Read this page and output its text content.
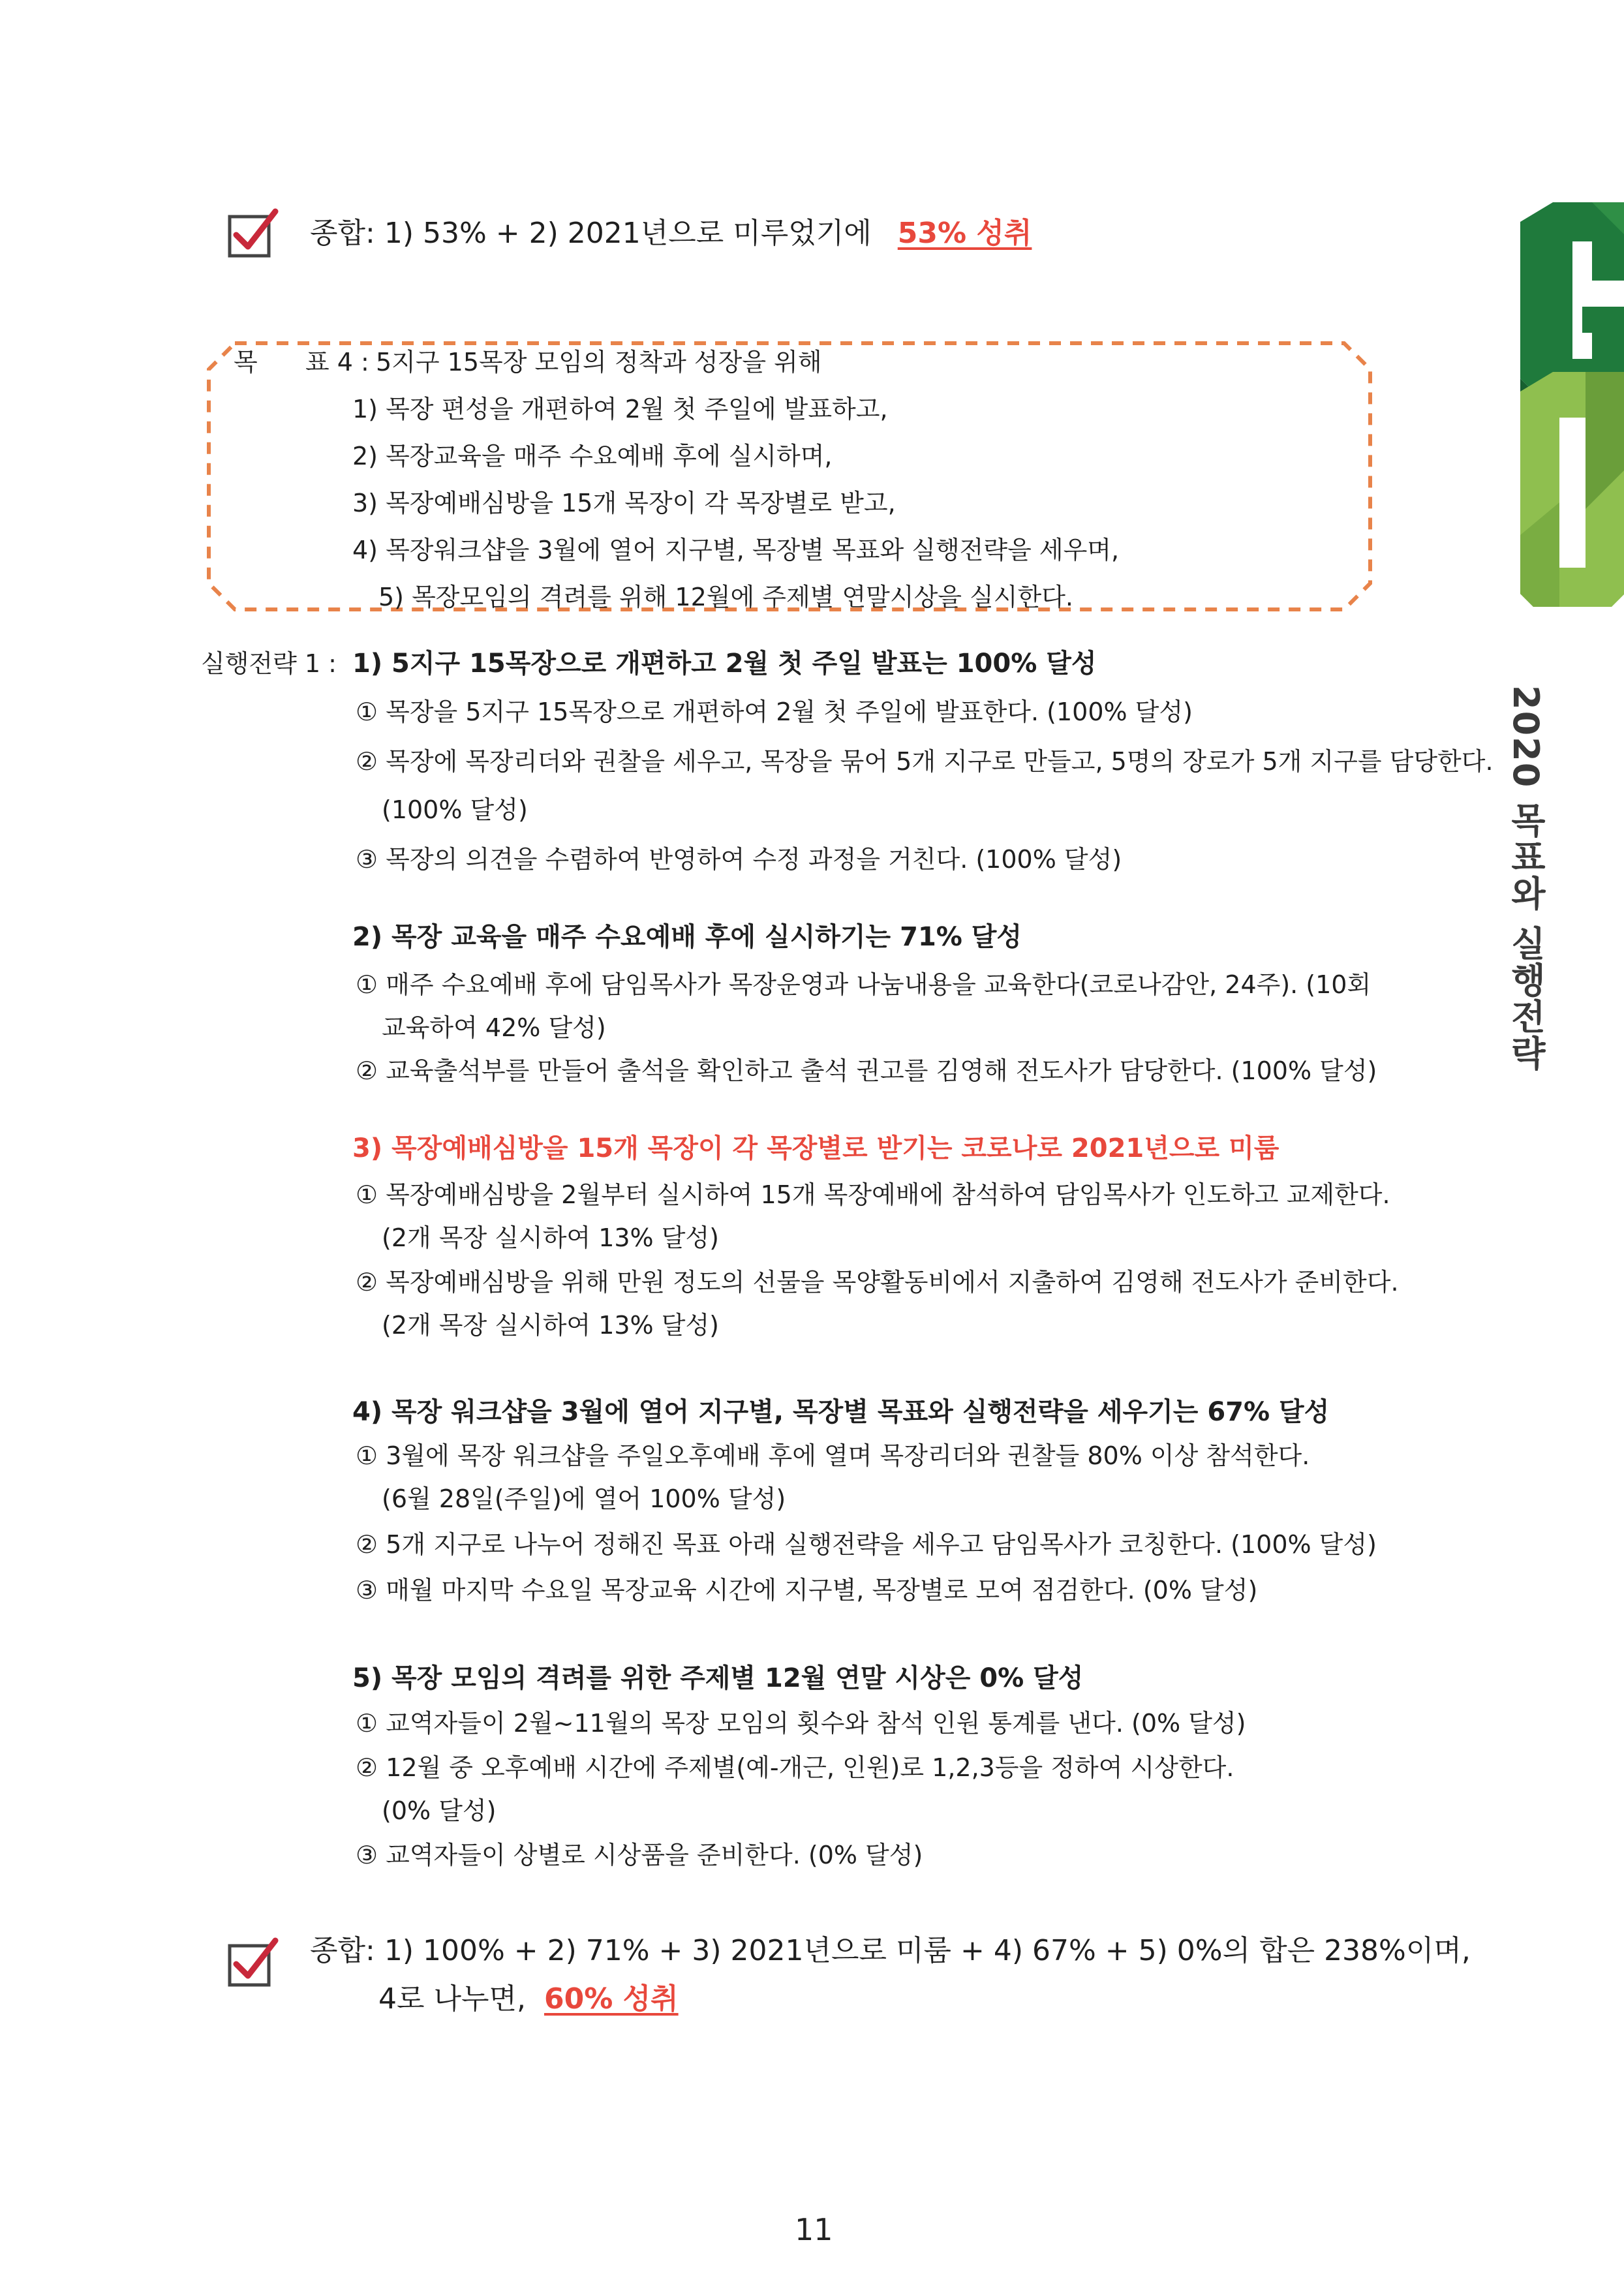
2020 목표와 실행전략
종합: 1) 53% + 2) 2021년으로 미루었기에 53% 성취
목 표 4 : 5지구 15목장 모임의 정착과 성장을 위해
1) 목장 편성을 개편하여 2월 첫 주일에 발표하고,
2) 목장교육을 매주 수요예배 후에 실시하며,
3) 목장예배심방을 15개 목장이 각 목장별로 받고,
4) 목장워크샵을 3월에 열어 지구별, 목장별 목표와 실행전략을 세우며,
5) 목장모임의 격려를 위해 12월에 주제별 연말시상을 실시한다.
실행전략 1 : 1) 5지구 15목장으로 개편하고 2월 첫 주일 발표는 100% 달성
① 목장을 5지구 15목장으로 개편하여 2월 첫 주일에 발표한다. (100% 달성)
② 목장에 목장리더와 권찰을 세우고, 목장을 묶어 5개 지구로 만들고, 5명의 장로가 5개 지구를 담당한다.
(100% 달성)
③ 목장의 의견을 수렴하여 반영하여 수정 과정을 거친다. (100% 달성)
2) 목장 교육을 매주 수요예배 후에 실시하기는 71% 달성
① 매주 수요예배 후에 담임목사가 목장운영과 나눔내용을 교육한다(코로나감안, 24주). (10회
교육하여 42% 달성)
② 교육출석부를 만들어 출석을 확인하고 출석 권고를 김영해 전도사가 담당한다. (100% 달성)
3) 목장예배심방을 15개 목장이 각 목장별로 받기는 코로나로 2021년으로 미룸
① 목장예배심방을 2월부터 실시하여 15개 목장예배에 참석하여 담임목사가 인도하고 교제한다.
(2개 목장 실시하여 13% 달성)
② 목장예배심방을 위해 만원 정도의 선물을 목양활동비에서 지출하여 김영해 전도사가 준비한다.
(2개 목장 실시하여 13% 달성)
4) 목장 워크샵을 3월에 열어 지구별, 목장별 목표와 실행전략을 세우기는 67% 달성
① 3월에 목장 워크샵을 주일오후예배 후에 열며 목장리더와 권찰들 80% 이상 참석한다.
(6월 28일(주일)에 열어 100% 달성)
② 5개 지구로 나누어 정해진 목표 아래 실행전략을 세우고 담임목사가 코칭한다. (100% 달성)
③ 매월 마지막 수요일 목장교육 시간에 지구별, 목장별로 모여 점검한다. (0% 달성)
5) 목장 모임의 격려를 위한 주제별 12월 연말 시상은 0% 달성
① 교역자들이 2월~11월의 목장 모임의 횟수와 참석 인원 통계를 낸다. (0% 달성)
② 12월 중 오후예배 시간에 주제별(예-개근, 인원)로 1,2,3등을 정하여 시상한다.
(0% 달성)
③ 교역자들이 상별로 시상품을 준비한다. (0% 달성)
종합: 1) 100% + 2) 71% + 3) 2021년으로 미룸 + 4) 67% + 5) 0%의 합은 238%이며,
4로 나누면, 60% 성취
11
